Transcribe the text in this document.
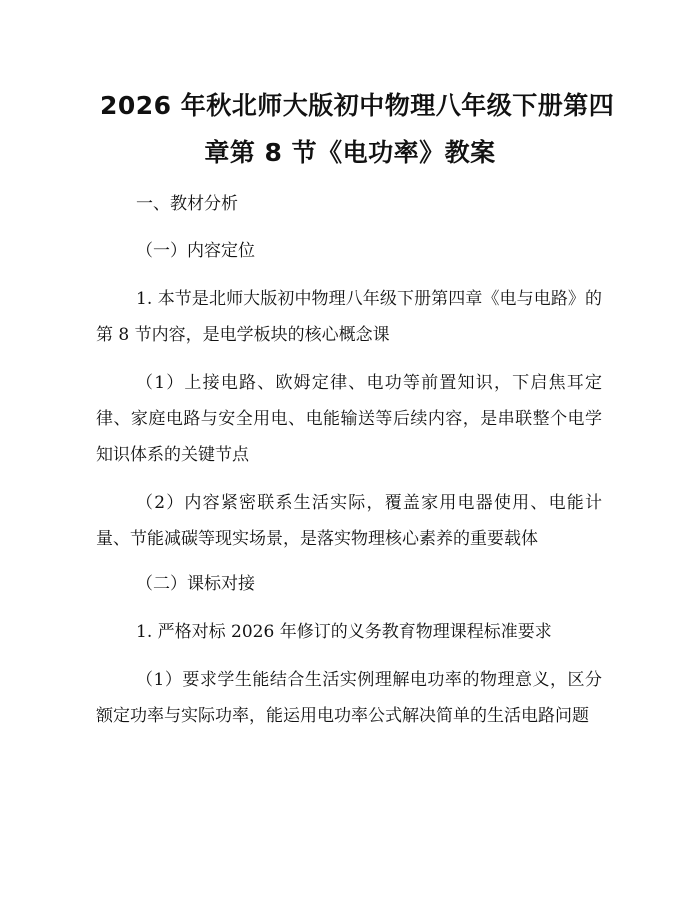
2026 年秋北师大版初中物理八年级下册第四
章第 8 节《电功率》教案

一、教材分析

（一）内容定位

1. 本节是北师大版初中物理八年级下册第四章《电与电路》的第 8 节内容，是电学板块的核心概念课

（1）上接电路、欧姆定律、电功等前置知识，下启焦耳定律、家庭电路与安全用电、电能输送等后续内容，是串联整个电学知识体系的关键节点

（2）内容紧密联系生活实际，覆盖家用电器使用、电能计量、节能减碳等现实场景，是落实物理核心素养的重要载体

（二）课标对接

1. 严格对标 2026 年修订的义务教育物理课程标准要求

（1）要求学生能结合生活实例理解电功率的物理意义，区分额定功率与实际功率，能运用电功率公式解决简单的生活电路问题
